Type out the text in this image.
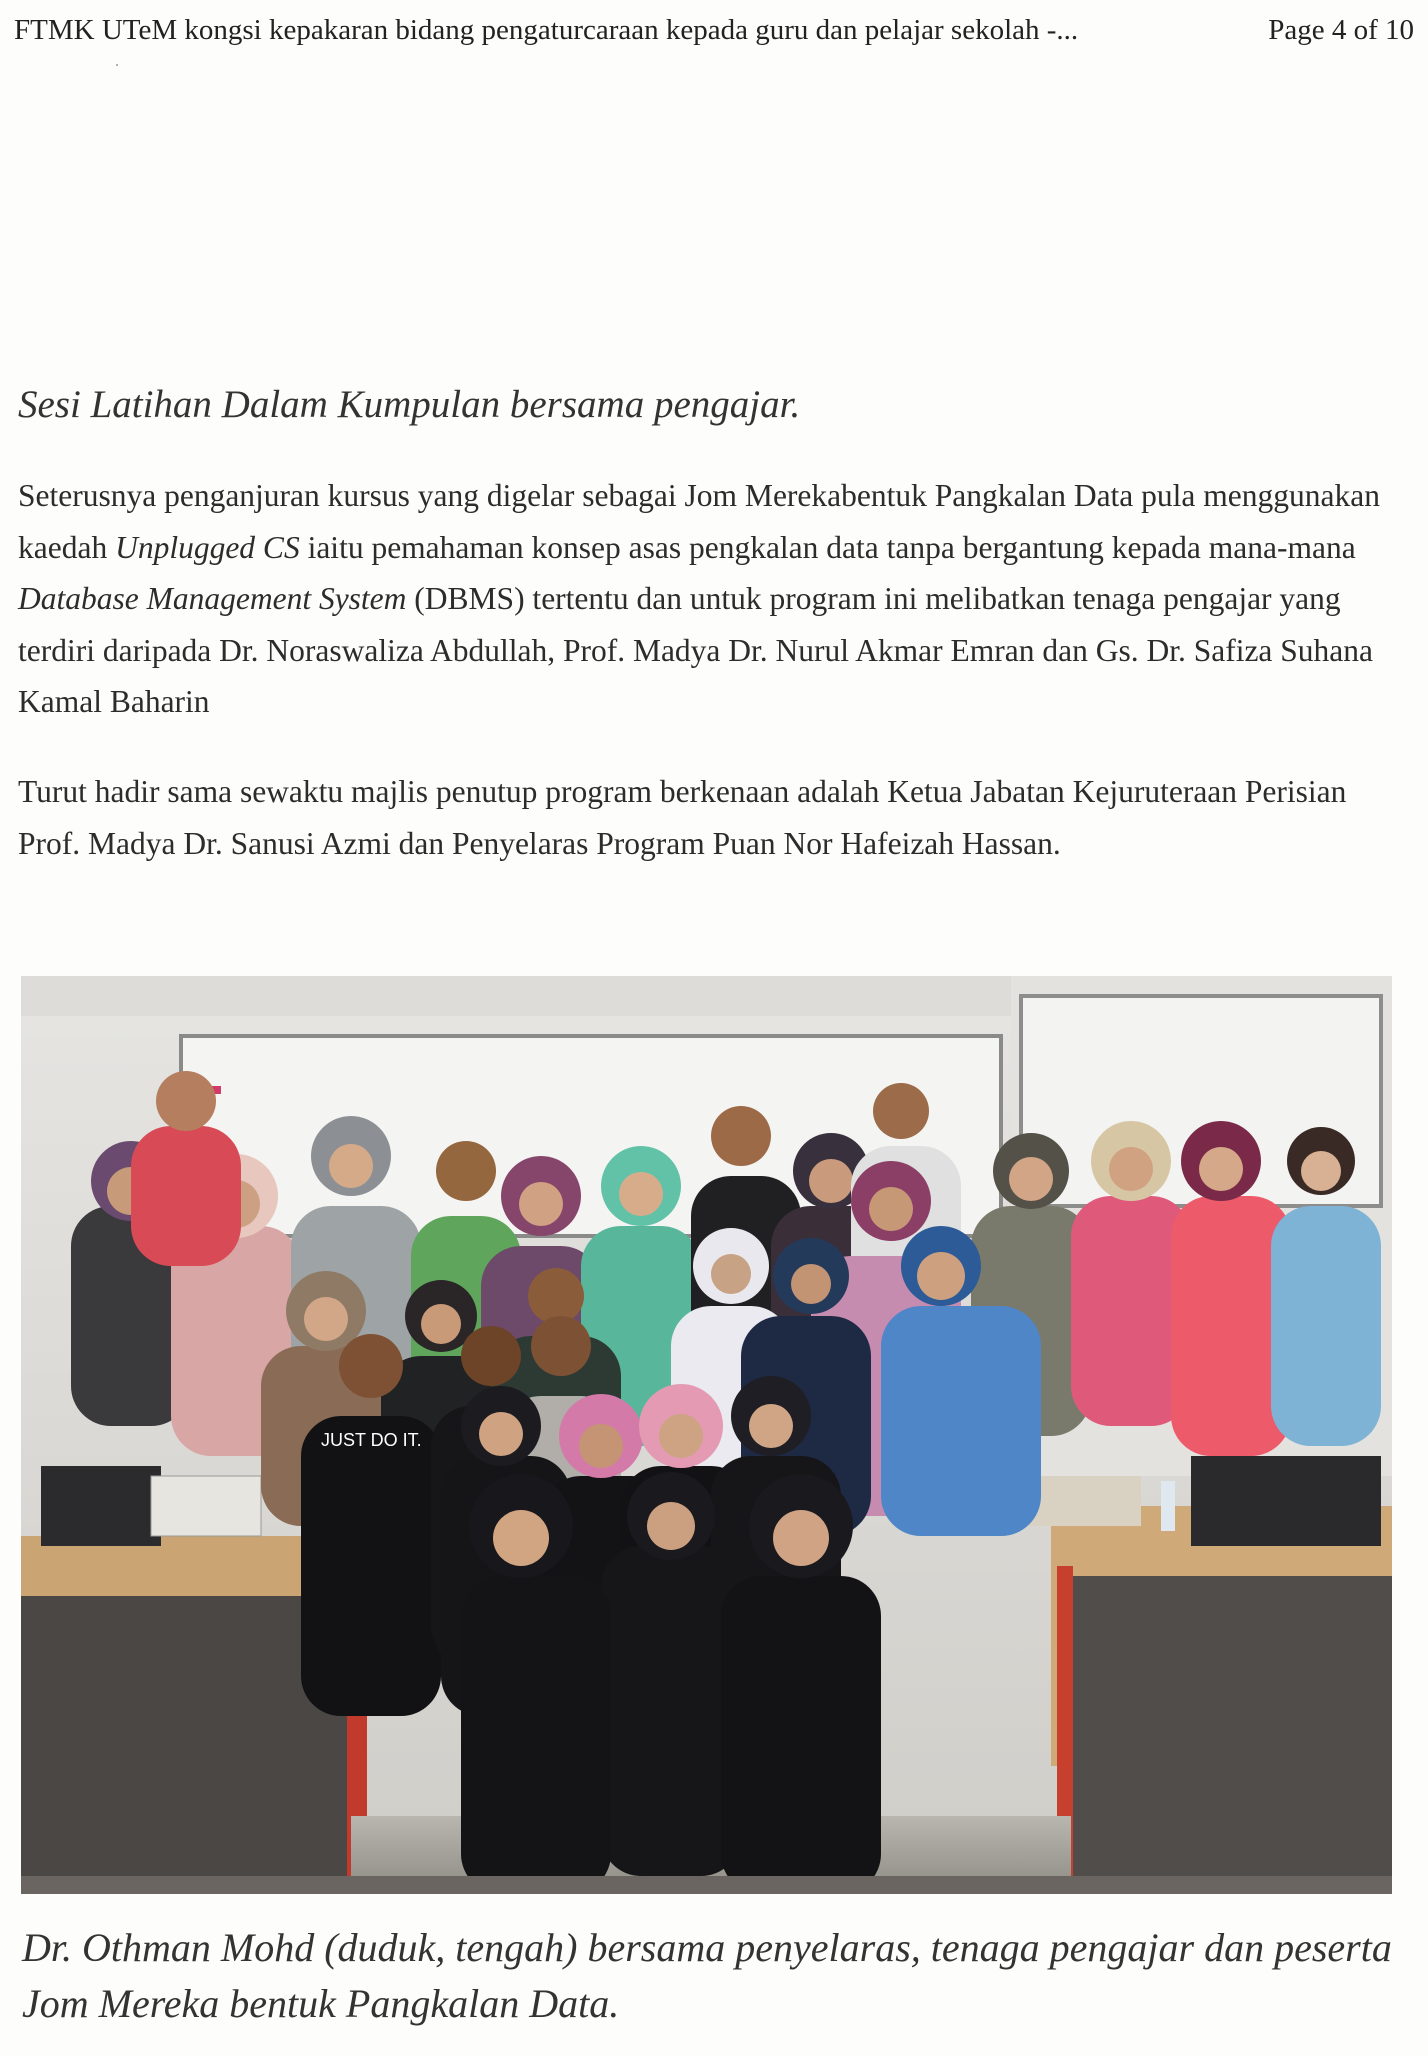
FTMK UTeM kongsi kepakaran bidang pengaturcaraan kepada guru dan pelajar sekolah -...	Page 4 of 10
Sesi Latihan Dalam Kumpulan bersama pengajar.

Seterusnya penganjuran kursus yang digelar sebagai Jom Merekabentuk Pangkalan Data pula menggunakan kaedah Unplugged CS iaitu pemahaman konsep asas pengkalan data tanpa bergantung kepada mana-mana Database Management System (DBMS) tertentu dan untuk program ini melibatkan tenaga pengajar yang terdiri daripada Dr. Noraswaliza Abdullah, Prof. Madya Dr. Nurul Akmar Emran dan Gs. Dr. Safiza Suhana Kamal Baharin

Turut hadir sama sewaktu majlis penutup program berkenaan adalah Ketua Jabatan Kejuruteraan Perisian Prof. Madya Dr. Sanusi Azmi dan Penyelaras Program Puan Nor Hafeizah Hassan.

JUST DO IT.
Dr. Othman Mohd (duduk, tengah) bersama penyelaras, tenaga pengajar dan peserta Jom Mereka bentuk Pangkalan Data.
